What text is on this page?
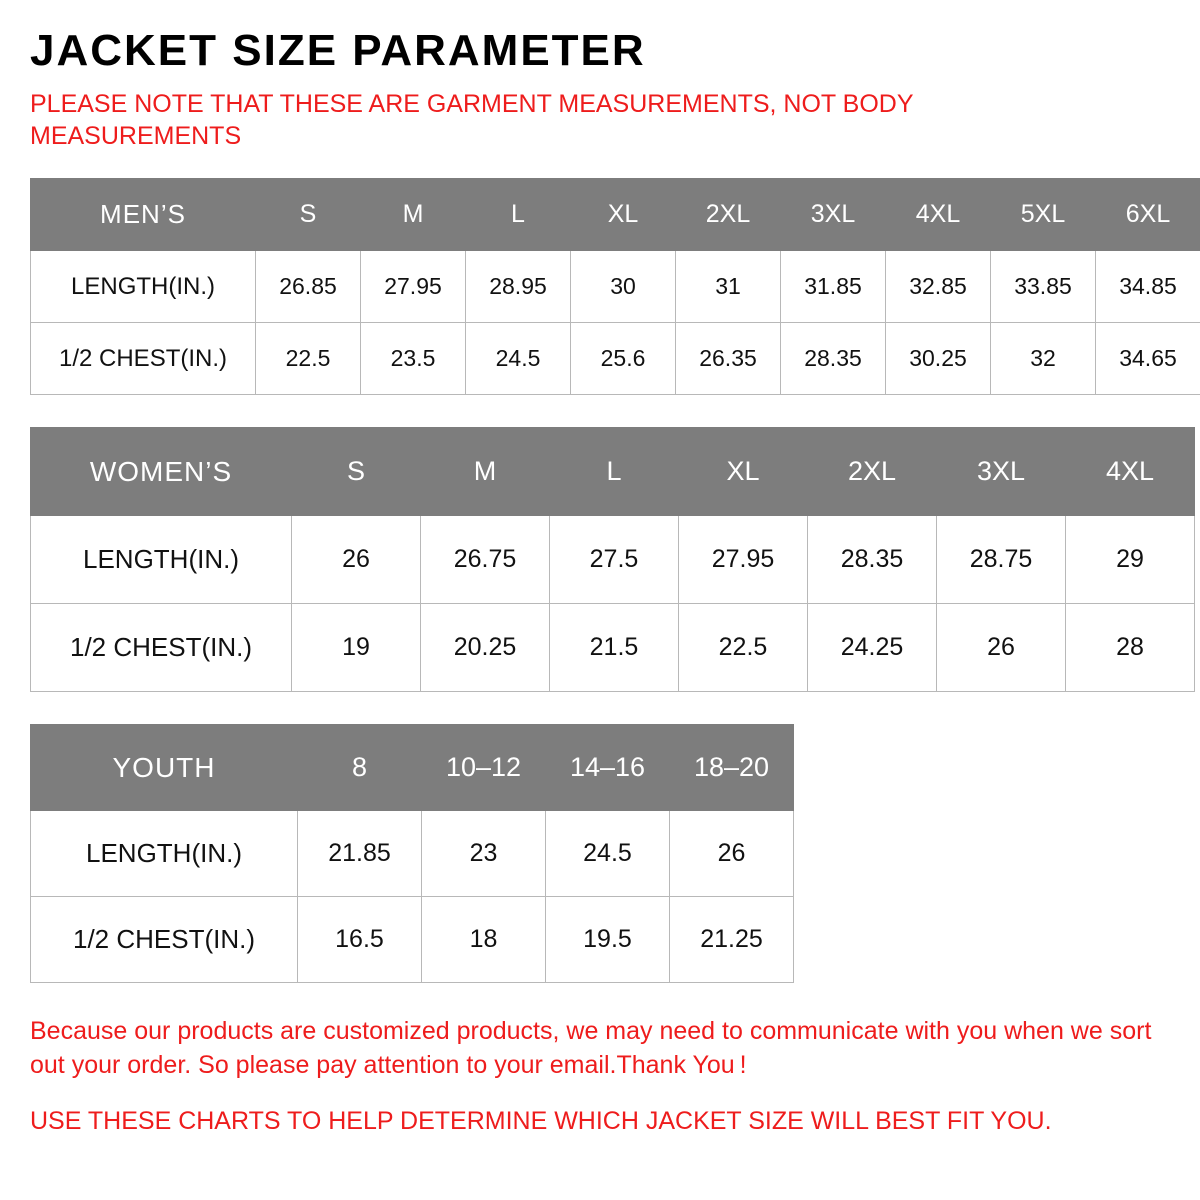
JACKET SIZE PARAMETER

PLEASE NOTE THAT THESE ARE GARMENT MEASUREMENTS, NOT BODY MEASUREMENTS

MEN’S	S	M	L	XL	2XL	3XL	4XL	5XL	6XL
LENGTH(IN.)	26.85	27.95	28.95	30	31	31.85	32.85	33.85	34.85
1/2 CHEST(IN.)	22.5	23.5	24.5	25.6	26.35	28.35	30.25	32	34.65
WOMEN’S	S	M	L	XL	2XL	3XL	4XL
LENGTH(IN.)	26	26.75	27.5	27.95	28.35	28.75	29
1/2 CHEST(IN.)	19	20.25	21.5	22.5	24.25	26	28
YOUTH	8	10–12	14–16	18–20
LENGTH(IN.)	21.85	23	24.5	26
1/2 CHEST(IN.)	16.5	18	19.5	21.25

Because our products are customized products, we may need to communicate with you when we sort out your order. So please pay attention to your email.Thank You !

USE THESE CHARTS TO HELP DETERMINE WHICH JACKET SIZE WILL BEST FIT YOU.
